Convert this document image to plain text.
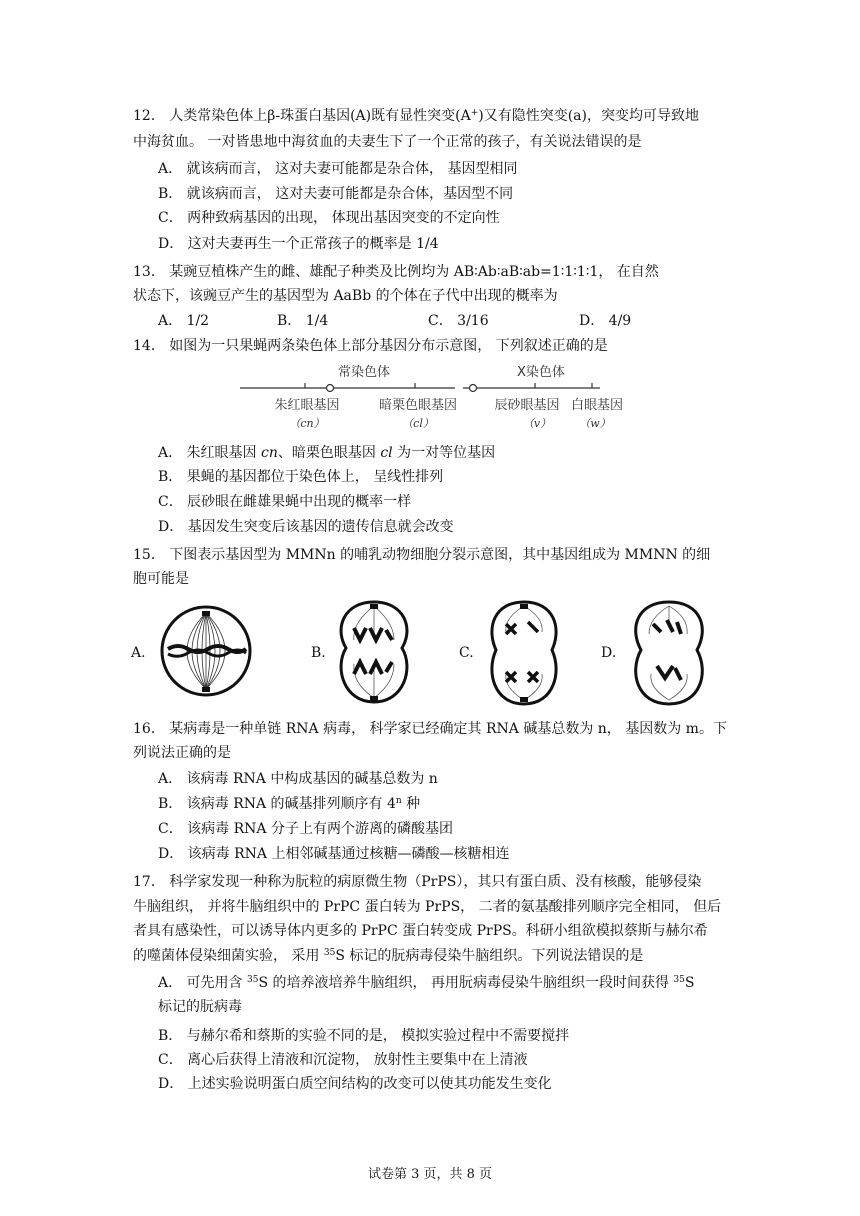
12． 人类常染色体上β-珠蛋白基因(A)既有显性突变(A+)又有隐性突变(a)，突变均可导致地
中海贫血。 一对皆患地中海贫血的夫妻生下了一个正常的孩子，有关说法错误的是
A． 就该病而言， 这对夫妻可能都是杂合体， 基因型相同
B． 就该病而言， 这对夫妻可能都是杂合体，基因型不同
C． 两种致病基因的出现， 体现出基因突变的不定向性
D． 这对夫妻再生一个正常孩子的概率是 1/4
13． 某豌豆植株产生的雌、雄配子种类及比例均为 AB∶Ab∶aB∶ab=1∶1∶1∶1， 在自然
状态下，该豌豆产生的基因型为 AaBb 的个体在子代中出现的概率为
A． 1/2	B． 1/4	C． 3/16	D． 4/9
14． 如图为一只果蝇两条染色体上部分基因分布示意图， 下列叙述正确的是
常染色体	X染色体
朱红眼基因	暗栗色眼基因	辰砂眼基因 白眼基因
（cn）	（cl）	（v）	（w）
A． 朱红眼基因 cn、暗栗色眼基因 cl 为一对等位基因
B． 果蝇的基因都位于染色体上， 呈线性排列
C． 辰砂眼在雌雄果蝇中出现的概率一样
D． 基因发生突变后该基因的遗传信息就会改变
15． 下图表示基因型为 MMNn 的哺乳动物细胞分裂示意图，其中基因组成为 MMNN 的细
胞可能是
A.	B.	C.	D.
16． 某病毒是一种单链 RNA 病毒， 科学家已经确定其 RNA 碱基总数为 n， 基因数为 m。下
列说法正确的是
A． 该病毒 RNA 中构成基因的碱基总数为 n
B． 该病毒 RNA 的碱基排列顺序有 4$^n$ 种
C． 该病毒 RNA 分子上有两个游离的磷酸基团
D． 该病毒 RNA 上相邻碱基通过核糖—磷酸—核糖相连
17． 科学家发现一种称为朊粒的病原微生物（PrPS），其只有蛋白质、没有核酸，能够侵染
牛脑组织， 并将牛脑组织中的 PrPC 蛋白转为 PrPS， 二者的氨基酸排列顺序完全相同， 但后
者具有感染性，可以诱导体内更多的 PrPC 蛋白转变成 PrPS。科研小组欲模拟蔡斯与赫尔希
的噬菌体侵染细菌实验， 采用 $^{35}$S 标记的朊病毒侵染牛脑组织。下列说法错误的是
A． 可先用含 $^{35}$S 的培养液培养牛脑组织， 再用朊病毒侵染牛脑组织一段时间获得 $^{35}$S
标记的朊病毒
B． 与赫尔希和蔡斯的实验不同的是， 模拟实验过程中不需要搅拌
C． 离心后获得上清液和沉淀物， 放射性主要集中在上清液
D． 上述实验说明蛋白质空间结构的改变可以使其功能发生变化
试卷第 3 页，共 8 页
